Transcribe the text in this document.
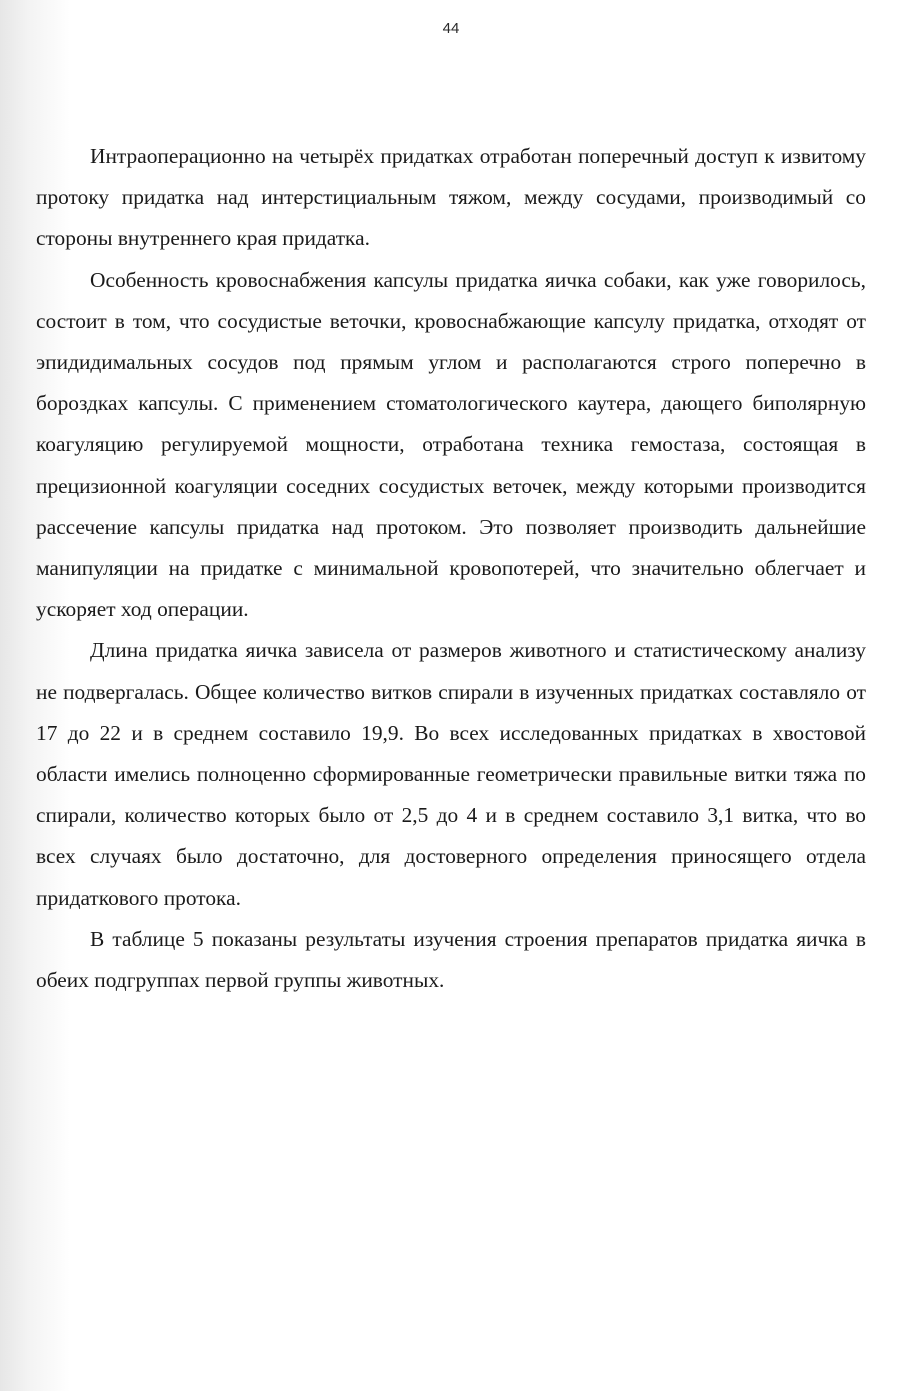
44

Интраоперационно на четырёх придатках отработан поперечный доступ к извитому протоку придатка над интерстициальным тяжом, между сосудами, производимый со стороны внутреннего края придатка.

Особенность кровоснабжения капсулы придатка яичка собаки, как уже говорилось, состоит в том, что сосудистые веточки, кровоснабжающие капсулу придатка, отходят от эпидидимальных сосудов под прямым углом и располагаются строго поперечно в бороздках капсулы. С применением стоматологического каутера, дающего биполярную коагуляцию регулируемой мощности, отработана техника гемостаза, состоящая в прецизионной коагуляции соседних сосудистых веточек, между которыми производится рассечение капсулы придатка над протоком. Это позволяет производить дальнейшие манипуляции на придатке с минимальной кровопотерей, что значительно облегчает и ускоряет ход операции.

Длина придатка яичка зависела от размеров животного и статистическому анализу не подвергалась. Общее количество витков спирали в изученных придатках составляло от 17 до 22 и в среднем составило 19,9. Во всех исследованных придатках в хвостовой области имелись полноценно сформированные геометрически правильные витки тяжа по спирали, количество которых было от 2,5 до 4 и в среднем составило 3,1 витка, что во всех случаях было достаточно, для достоверного определения приносящего отдела придаткового протока.

В таблице 5 показаны результаты изучения строения препаратов придатка яичка в обеих подгруппах первой группы животных.
